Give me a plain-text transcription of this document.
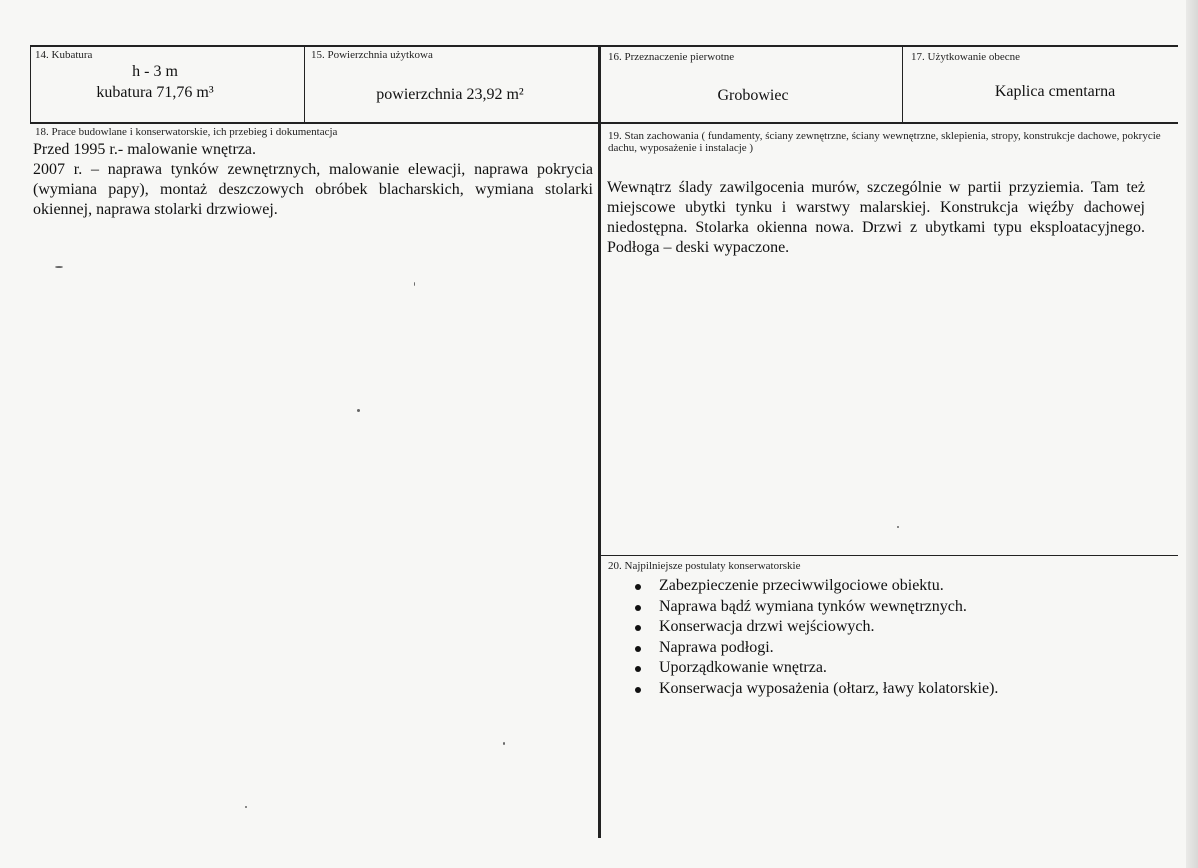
14. Kubatura
h - 3 m
kubatura 71,76 m³
15. Powierzchnia użytkowa
powierzchnia 23,92 m²
16. Przeznaczenie pierwotne
Grobowiec
17. Użytkowanie obecne
Kaplica cmentarna
18. Prace budowlane i konserwatorskie, ich przebieg i dokumentacja

Przed 1995 r.- malowanie wnętrza.

2007 r. – naprawa tynków zewnętrznych, malowanie elewacji, naprawa pokrycia (wymiana papy), montaż deszczowych obróbek blacharskich, wymiana stolarki okiennej, naprawa stolarki drzwiowej.

19. Stan zachowania ( fundamenty, ściany zewnętrzne, ściany wewnętrzne, sklepienia, stropy, konstrukcje dachowe, pokrycie dachu, wyposażenie i instalacje )
Wewnątrz ślady zawilgocenia murów, szczególnie w partii przyziemia. Tam też miejscowe ubytki tynku i warstwy malarskiej. Konstrukcja więźby dachowej niedostępna. Stolarka okienna nowa. Drzwi z ubytkami typu eksploatacyjnego. Podłoga – deski wypaczone.
20. Najpilniejsze postulaty konserwatorskie
Zabezpieczenie przeciwwilgociowe obiektu.
Naprawa bądź wymiana tynków wewnętrznych.
Konserwacja drzwi wejściowych.
Naprawa podłogi.
Uporządkowanie wnętrza.
Konserwacja wyposażenia (ołtarz, ławy kolatorskie).
